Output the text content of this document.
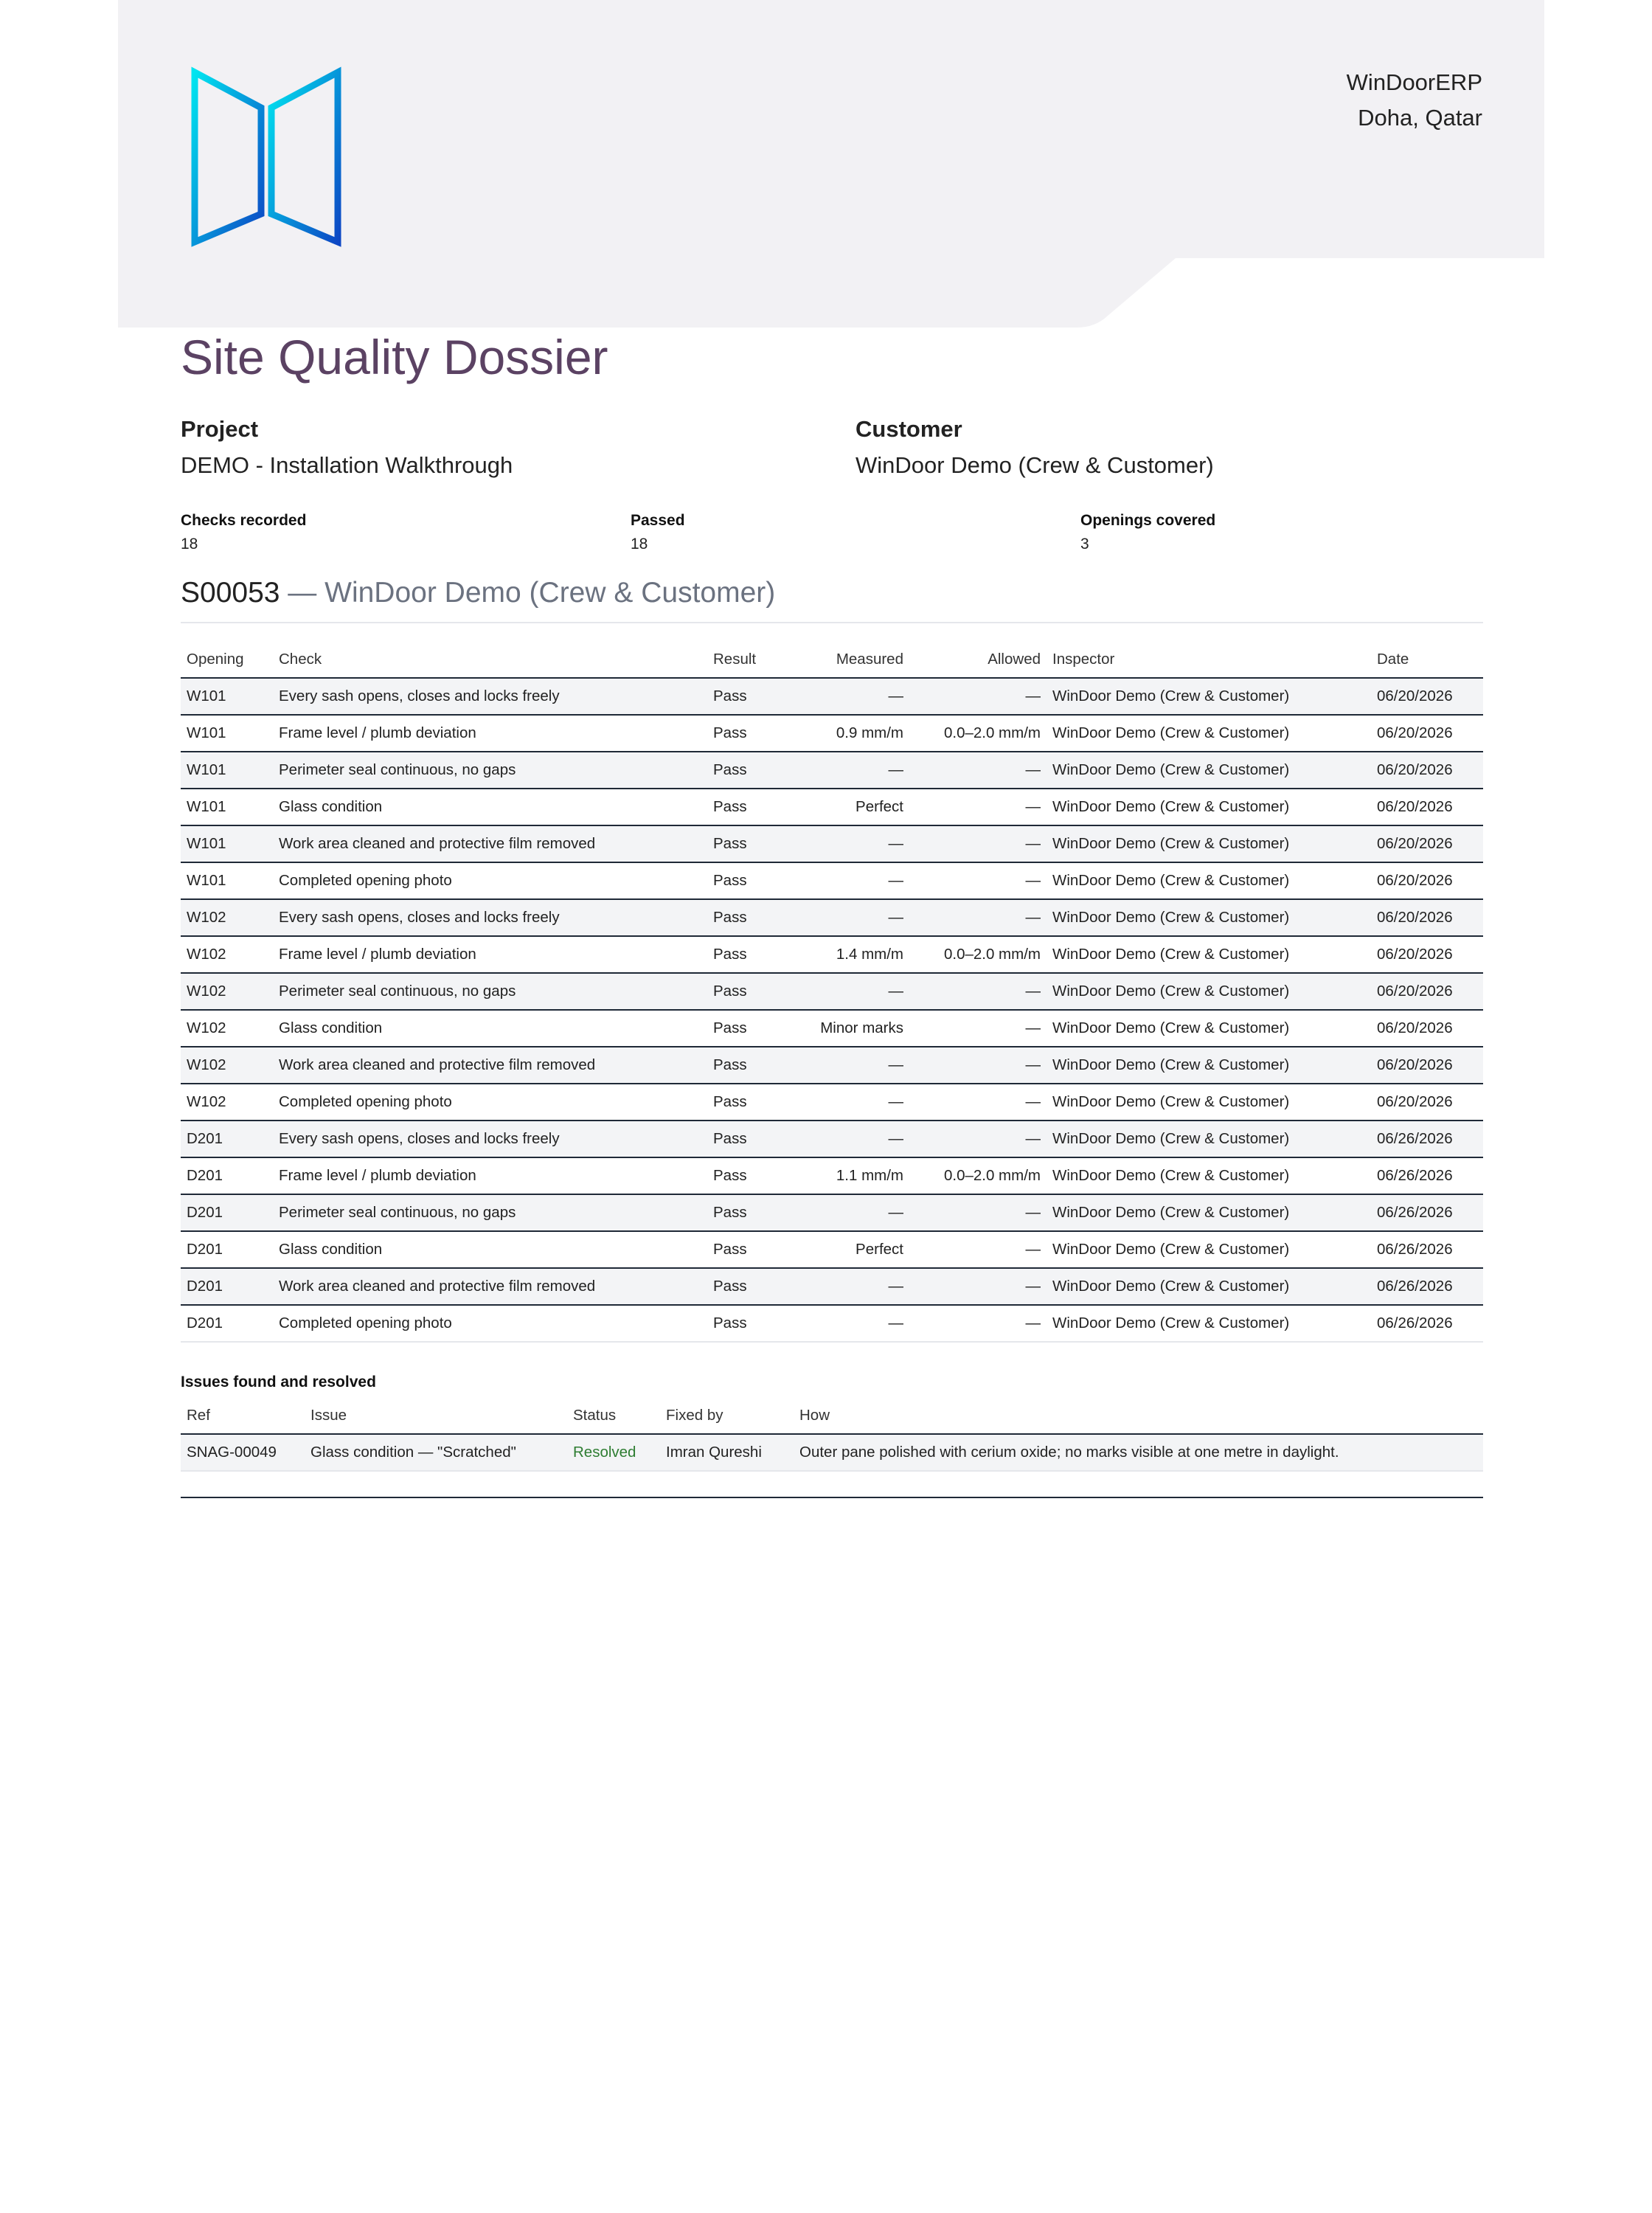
WinDoorERP
Doha, Qatar
Site Quality Dossier
Project
DEMO - Installation Walkthrough
Customer
WinDoor Demo (Crew & Customer)
Checks recorded
18
Passed
18
Openings covered
3
S00053 — WinDoor Demo (Crew & Customer)
Opening	Check	Result	Measured	Allowed	Inspector	Date
W101	Every sash opens, closes and locks freely	Pass	—	—	WinDoor Demo (Crew & Customer)	06/20/2026
W101	Frame level / plumb deviation	Pass	0.9 mm/m	0.0–2.0 mm/m	WinDoor Demo (Crew & Customer)	06/20/2026
W101	Perimeter seal continuous, no gaps	Pass	—	—	WinDoor Demo (Crew & Customer)	06/20/2026
W101	Glass condition	Pass	Perfect	—	WinDoor Demo (Crew & Customer)	06/20/2026
W101	Work area cleaned and protective film removed	Pass	—	—	WinDoor Demo (Crew & Customer)	06/20/2026
W101	Completed opening photo	Pass	—	—	WinDoor Demo (Crew & Customer)	06/20/2026
W102	Every sash opens, closes and locks freely	Pass	—	—	WinDoor Demo (Crew & Customer)	06/20/2026
W102	Frame level / plumb deviation	Pass	1.4 mm/m	0.0–2.0 mm/m	WinDoor Demo (Crew & Customer)	06/20/2026
W102	Perimeter seal continuous, no gaps	Pass	—	—	WinDoor Demo (Crew & Customer)	06/20/2026
W102	Glass condition	Pass	Minor marks	—	WinDoor Demo (Crew & Customer)	06/20/2026
W102	Work area cleaned and protective film removed	Pass	—	—	WinDoor Demo (Crew & Customer)	06/20/2026
W102	Completed opening photo	Pass	—	—	WinDoor Demo (Crew & Customer)	06/20/2026
D201	Every sash opens, closes and locks freely	Pass	—	—	WinDoor Demo (Crew & Customer)	06/26/2026
D201	Frame level / plumb deviation	Pass	1.1 mm/m	0.0–2.0 mm/m	WinDoor Demo (Crew & Customer)	06/26/2026
D201	Perimeter seal continuous, no gaps	Pass	—	—	WinDoor Demo (Crew & Customer)	06/26/2026
D201	Glass condition	Pass	Perfect	—	WinDoor Demo (Crew & Customer)	06/26/2026
D201	Work area cleaned and protective film removed	Pass	—	—	WinDoor Demo (Crew & Customer)	06/26/2026
D201	Completed opening photo	Pass	—	—	WinDoor Demo (Crew & Customer)	06/26/2026
Issues found and resolved
Ref	Issue	Status	Fixed by	How
SNAG-00049	Glass condition — "Scratched"	Resolved	Imran Qureshi	Outer pane polished with cerium oxide; no marks visible at one metre in daylight.
